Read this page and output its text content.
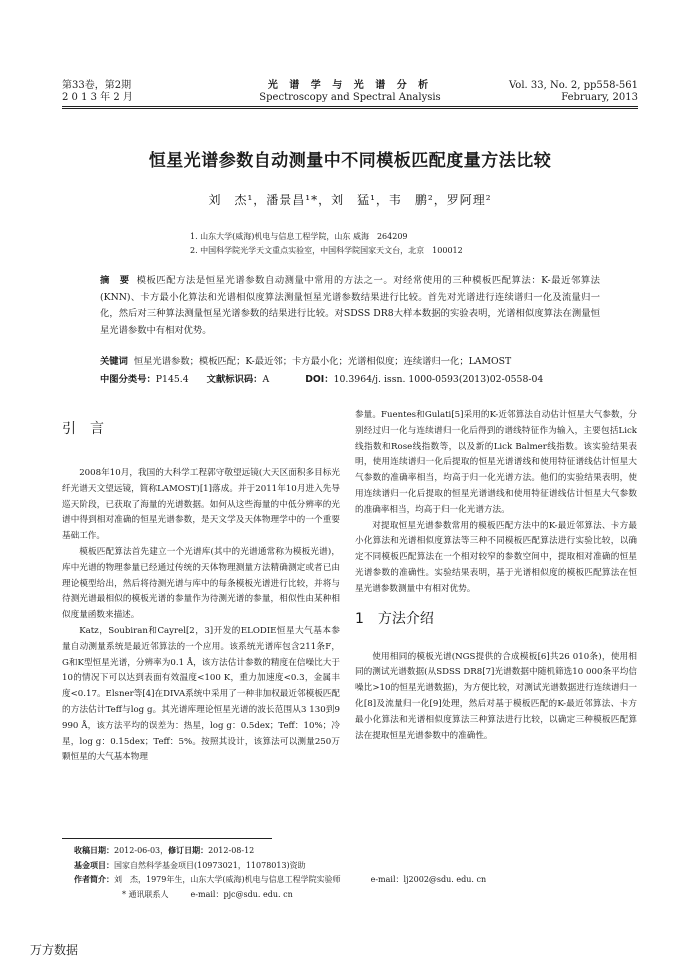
第33卷，第2期
2 0 1 3 年 2 月
光 谱 学 与 光 谱 分 析
Spectroscopy and Spectral Analysis
Vol. 33, No. 2, pp558-561
February, 2013
恒星光谱参数自动测量中不同模板匹配度量方法比较
刘　杰¹，潘景昌¹*，刘　猛¹，韦　鹏²，罗阿理²
1. 山东大学(威海)机电与信息工程学院，山东 威海　264209
2. 中国科学院光学天文重点实验室，中国科学院国家天文台，北京　100012
摘　要 模板匹配方法是恒星光谱参数自动测量中常用的方法之一。对经常使用的三种模板匹配算法：K-最近邻算法(KNN)、卡方最小化算法和光谱相似度算法测量恒星光谱参数结果进行比较。首先对光谱进行连续谱归一化及流量归一化，然后对三种算法测量恒星光谱参数的结果进行比较。对SDSS DR8大样本数据的实验表明，光谱相似度算法在测量恒星光谱参数中有相对优势。
关键词 恒星光谱参数；模板匹配；K-最近邻；卡方最小化；光谱相似度；连续谱归一化；LAMOST
中图分类号：P145.4 文献标识码：A	DOI：10.3964/j. issn. 1000-0593(2013)02-0558-04
引　言

2008年10月，我国的大科学工程郭守敬望远镜(大天区面积多目标光纤光谱天文望远镜，简称LAMOST)[1]落成。并于2011年10月进入先导巡天阶段，已获取了海量的光谱数据。如何从这些海量的中低分辨率的光谱中得到相对准确的恒星光谱参数，是天文学及天体物理学中的一个重要基础工作。

模板匹配算法首先建立一个光谱库(其中的光谱通常称为模板光谱)，库中光谱的物理参量已经通过传统的天体物理测量方法精确测定或者已由理论模型给出，然后将待测光谱与库中的每条模板光谱进行比较，并将与待测光谱最相似的模板光谱的参量作为待测光谱的参量，相似性由某种相似度量函数来描述。

Katz，Soubiran和Cayrel[2，3]开发的ELODIE恒星大气基本参量自动测量系统是最近邻算法的一个应用。该系统光谱库包含211条F，G和K型恒星光谱，分辨率为0.1 Å，该方法估计参数的精度在信噪比大于10的情况下可以达到表面有效温度<100 K，重力加速度<0.3，金属丰度<0.17。Elsner等[4]在DIVA系统中采用了一种非加权最近邻模板匹配的方法估计Teff与log g。其光谱库理论恒星光谱的波长范围从3 130到9 990 Å，该方法平均的误差为：热星，log g：0.5dex；Teff：10%；冷星，log g：0.15dex；Teff：5%。按照其设计，该算法可以测量250万颗恒星的大气基本物理

参量。Fuentes和Gulati[5]采用的K-近邻算法自动估计恒星大气参数，分别经过归一化与连续谱归一化后得到的谱线特征作为输入，主要包括Lick线指数和Rose线指数等，以及新的Lick Balmer线指数。该实验结果表明，使用连续谱归一化后提取的恒星光谱谱线和使用特征谱线估计恒星大气参数的准确率相当，均高于归一化光谱方法。他们的实验结果表明，使用连续谱归一化后提取的恒星光谱谱线和使用特征谱线估计恒星大气参数的准确率相当，均高于归一化光谱方法。

对提取恒星光谱参数常用的模板匹配方法中的K-最近邻算法、卡方最小化算法和光谱相似度算法等三种不同模板匹配算法进行实验比较，以确定不同模板匹配算法在一个相对较窄的参数空间中，提取相对准确的恒星光谱参数的准确性。实验结果表明，基于光谱相似度的模板匹配算法在恒星光谱参数测量中有相对优势。

1　方法介绍

使用相同的模板光谱(NGS提供的合成模板[6]共26 010条)，使用相同的测试光谱数据(从SDSS DR8[7]光谱数据中随机筛选10 000条平均信噪比>10的恒星光谱数据)，为方便比较，对测试光谱数据进行连续谱归一化[8]及流量归一化[9]处理，然后对基于模板匹配的K-最近邻算法、卡方最小化算法和光谱相似度算法三种算法进行比较，以确定三种模板匹配算法在提取恒星光谱参数中的准确性。

收稿日期：2012-06-03，修订日期：2012-08-12
基金项目：国家自然科学基金项目(10973021，11078013)资助
作者简介：刘　杰，1979年生，山东大学(威海)机电与信息工程学院实验师	e-mail：lj2002@sdu. edu. cn
* 通讯联系人	e-mail：pjc@sdu. edu. cn
万方数据
